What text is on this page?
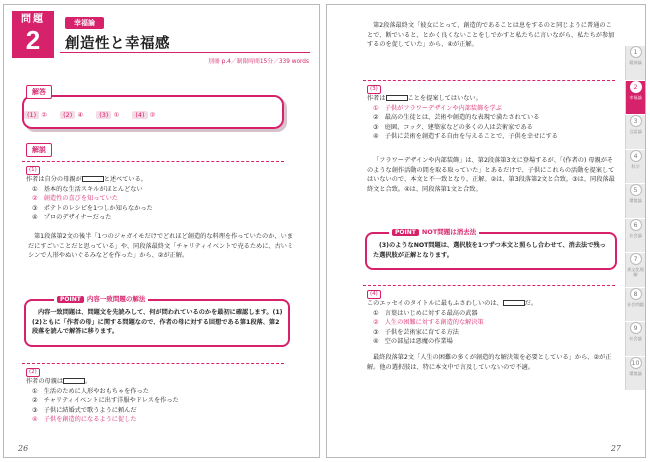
問題
2
幸福論
創造性と幸福感
別冊 p.4／制限時間15分／339 words
解答
(1) ②	(2) ④	(3) ①	(4) ②
解説
(1)
作者は自分の母親が	と述べている。
①　基本的な生活スキルがほとんどない
②　創造性の喜びを知っていた
③　ポテトのレシピを1つしか知らなかった
④　プロのデザイナーだった
第1段落第2文の後半「1つのジャガイモだけでどれほど創造的な料理を作っていたのか、いまだにすごいことだと思っている」や、同段落最終文「チャリティイベントで売るために、古いミシンで人形やぬいぐるみなどを作った」から、②が正解。
POINT 内容一致問題の解法
内容一致問題は、問題文を先読みして、何が問われているのかを最初に確認します。(1)(2)ともに「作者の母」に関する問題なので、作者の母に対する回想である第1段落、第2段落を読んで解答に移ります。
(2)
作者の母親は	。
①　生活のために人形やおもちゃを作った
②　チャリティイベントに出す洋服やドレスを作った
③　子供に結婚式で歌うように頼んだ
④　子供を創造的になるように促した
26
第2段落最終文「彼女にとって、創造的であることは息をするのと同じように普通のことで、断でいると、とかく良くないことをしでかすと私たちに言いながら、私たちが参加するのを促していた」から、④が正解。
(3)
作者は	ことを提案してはいない。
①　子供がフラワーデザインや内部装飾を学ぶ
②　最高の生徒とは、芸術や創造的な表現で満たされている
③　庭園、コック、建築家などの多くの人は芸術家である
④　子供に芸術を創造する自由を与えることで、子供を幸せにする
「フラワーデザインや内部装飾」は、第2段落第3文に登場するが、「(作者の) 母親がそのような創作活動の間を取る取っていた」とあるだけで、子供にこれらの活動を提案してはいないので、本文と不一致となり、正解。②は、第3段落第2文と合致。③は、同段落最終文と合致。④は、同段落第1文と合致。
POINT NOT問題は消去法
(3)のようなNOT問題は、選択肢を1つずつ本文と照らし合わせて、消去法で残った選択肢が正解となります。
(4)
このエッセイのタイトルに最もふさわしいのは、	だ。
①　言葉はいじめに対する最高の武器
②　人生の困難に対する創造的な解決策
③　子供を芸術家に育てる方法
④　空の部屋は悪魔の作業場
最終段落第2文「人生の困難の多くが創造的な解決策を必要としている」から、②が正解。他の選択肢は、特に本文中で言及していないので不適。
27
1
精神論
2
幸福論
3
言語論
4
科学
5
環境論
6
社会論
7
異文化理解
8
社会問題
9
社会論
10
環境論
